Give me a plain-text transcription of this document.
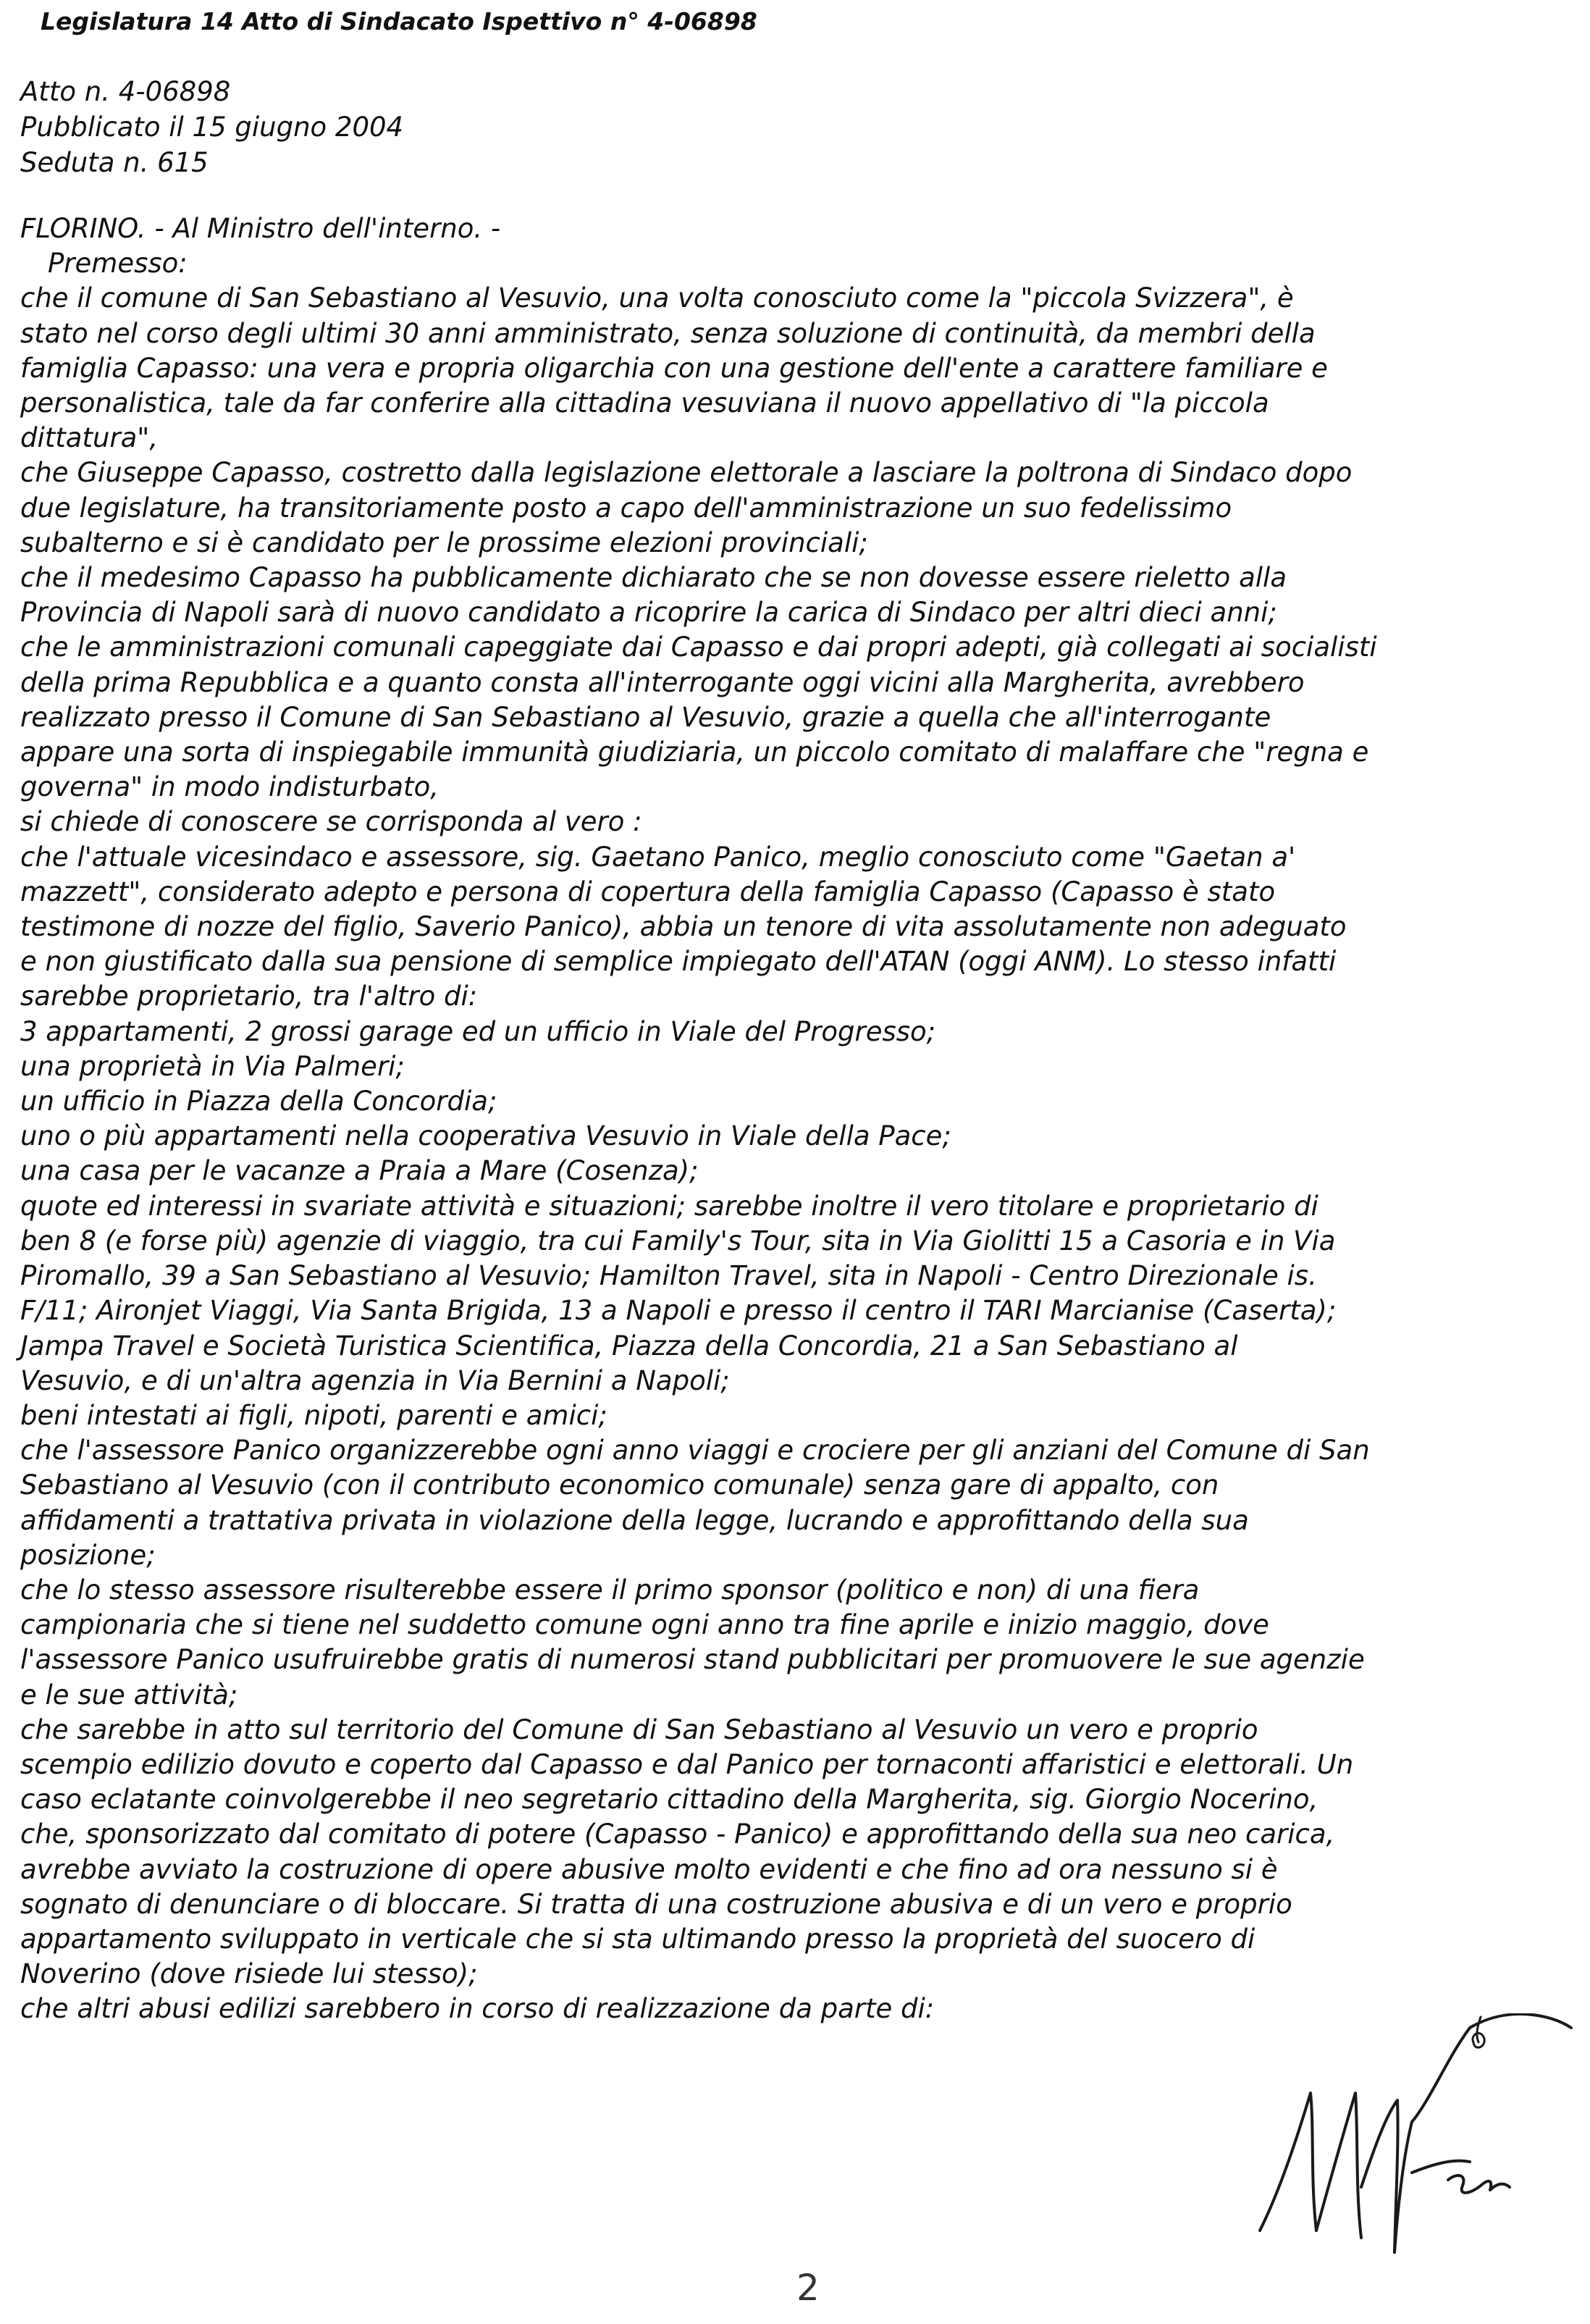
Legislatura 14 Atto di Sindacato Ispettivo n° 4-06898
Atto n. 4-06898
Pubblicato il 15 giugno 2004
Seduta n. 615
FLORINO. - Al Ministro dell'interno. -
Premesso:
che il comune di San Sebastiano al Vesuvio, una volta conosciuto come la "piccola Svizzera", è
stato nel corso degli ultimi 30 anni amministrato, senza soluzione di continuità, da membri della
famiglia Capasso: una vera e propria oligarchia con una gestione dell'ente a carattere familiare e
personalistica, tale da far conferire alla cittadina vesuviana il nuovo appellativo di "la piccola
dittatura",
che Giuseppe Capasso, costretto dalla legislazione elettorale a lasciare la poltrona di Sindaco dopo
due legislature, ha transitoriamente posto a capo dell'amministrazione un suo fedelissimo
subalterno e si è candidato per le prossime elezioni provinciali;
che il medesimo Capasso ha pubblicamente dichiarato che se non dovesse essere rieletto alla
Provincia di Napoli sarà di nuovo candidato a ricoprire la carica di Sindaco per altri dieci anni;
che le amministrazioni comunali capeggiate dai Capasso e dai propri adepti, già collegati ai socialisti
della prima Repubblica e a quanto consta all'interrogante oggi vicini alla Margherita, avrebbero
realizzato presso il Comune di San Sebastiano al Vesuvio, grazie a quella che all'interrogante
appare una sorta di inspiegabile immunità giudiziaria, un piccolo comitato di malaffare che "regna e
governa" in modo indisturbato,
si chiede di conoscere se corrisponda al vero :
che l'attuale vicesindaco e assessore, sig. Gaetano Panico, meglio conosciuto come "Gaetan a'
mazzett", considerato adepto e persona di copertura della famiglia Capasso (Capasso è stato
testimone di nozze del figlio, Saverio Panico), abbia un tenore di vita assolutamente non adeguato
e non giustificato dalla sua pensione di semplice impiegato dell'ATAN (oggi ANM). Lo stesso infatti
sarebbe proprietario, tra l'altro di:
3 appartamenti, 2 grossi garage ed un ufficio in Viale del Progresso;
una proprietà in Via Palmeri;
un ufficio in Piazza della Concordia;
uno o più appartamenti nella cooperativa Vesuvio in Viale della Pace;
una casa per le vacanze a Praia a Mare (Cosenza);
quote ed interessi in svariate attività e situazioni; sarebbe inoltre il vero titolare e proprietario di
ben 8 (e forse più) agenzie di viaggio, tra cui Family's Tour, sita in Via Giolitti 15 a Casoria e in Via
Piromallo, 39 a San Sebastiano al Vesuvio; Hamilton Travel, sita in Napoli - Centro Direzionale is.
F/11; Aironjet Viaggi, Via Santa Brigida, 13 a Napoli e presso il centro il TARI Marcianise (Caserta);
Jampa Travel e Società Turistica Scientifica, Piazza della Concordia, 21 a San Sebastiano al
Vesuvio, e di un'altra agenzia in Via Bernini a Napoli;
beni intestati ai figli, nipoti, parenti e amici;
che l'assessore Panico organizzerebbe ogni anno viaggi e crociere per gli anziani del Comune di San
Sebastiano al Vesuvio (con il contributo economico comunale) senza gare di appalto, con
affidamenti a trattativa privata in violazione della legge, lucrando e approfittando della sua
posizione;
che lo stesso assessore risulterebbe essere il primo sponsor (politico e non) di una fiera
campionaria che si tiene nel suddetto comune ogni anno tra fine aprile e inizio maggio, dove
l'assessore Panico usufruirebbe gratis di numerosi stand pubblicitari per promuovere le sue agenzie
e le sue attività;
che sarebbe in atto sul territorio del Comune di San Sebastiano al Vesuvio un vero e proprio
scempio edilizio dovuto e coperto dal Capasso e dal Panico per tornaconti affaristici e elettorali. Un
caso eclatante coinvolgerebbe il neo segretario cittadino della Margherita, sig. Giorgio Nocerino,
che, sponsorizzato dal comitato di potere (Capasso - Panico) e approfittando della sua neo carica,
avrebbe avviato la costruzione di opere abusive molto evidenti e che fino ad ora nessuno si è
sognato di denunciare o di bloccare. Si tratta di una costruzione abusiva e di un vero e proprio
appartamento sviluppato in verticale che si sta ultimando presso la proprietà del suocero di
Noverino (dove risiede lui stesso);
che altri abusi edilizi sarebbero in corso di realizzazione da parte di:
2
